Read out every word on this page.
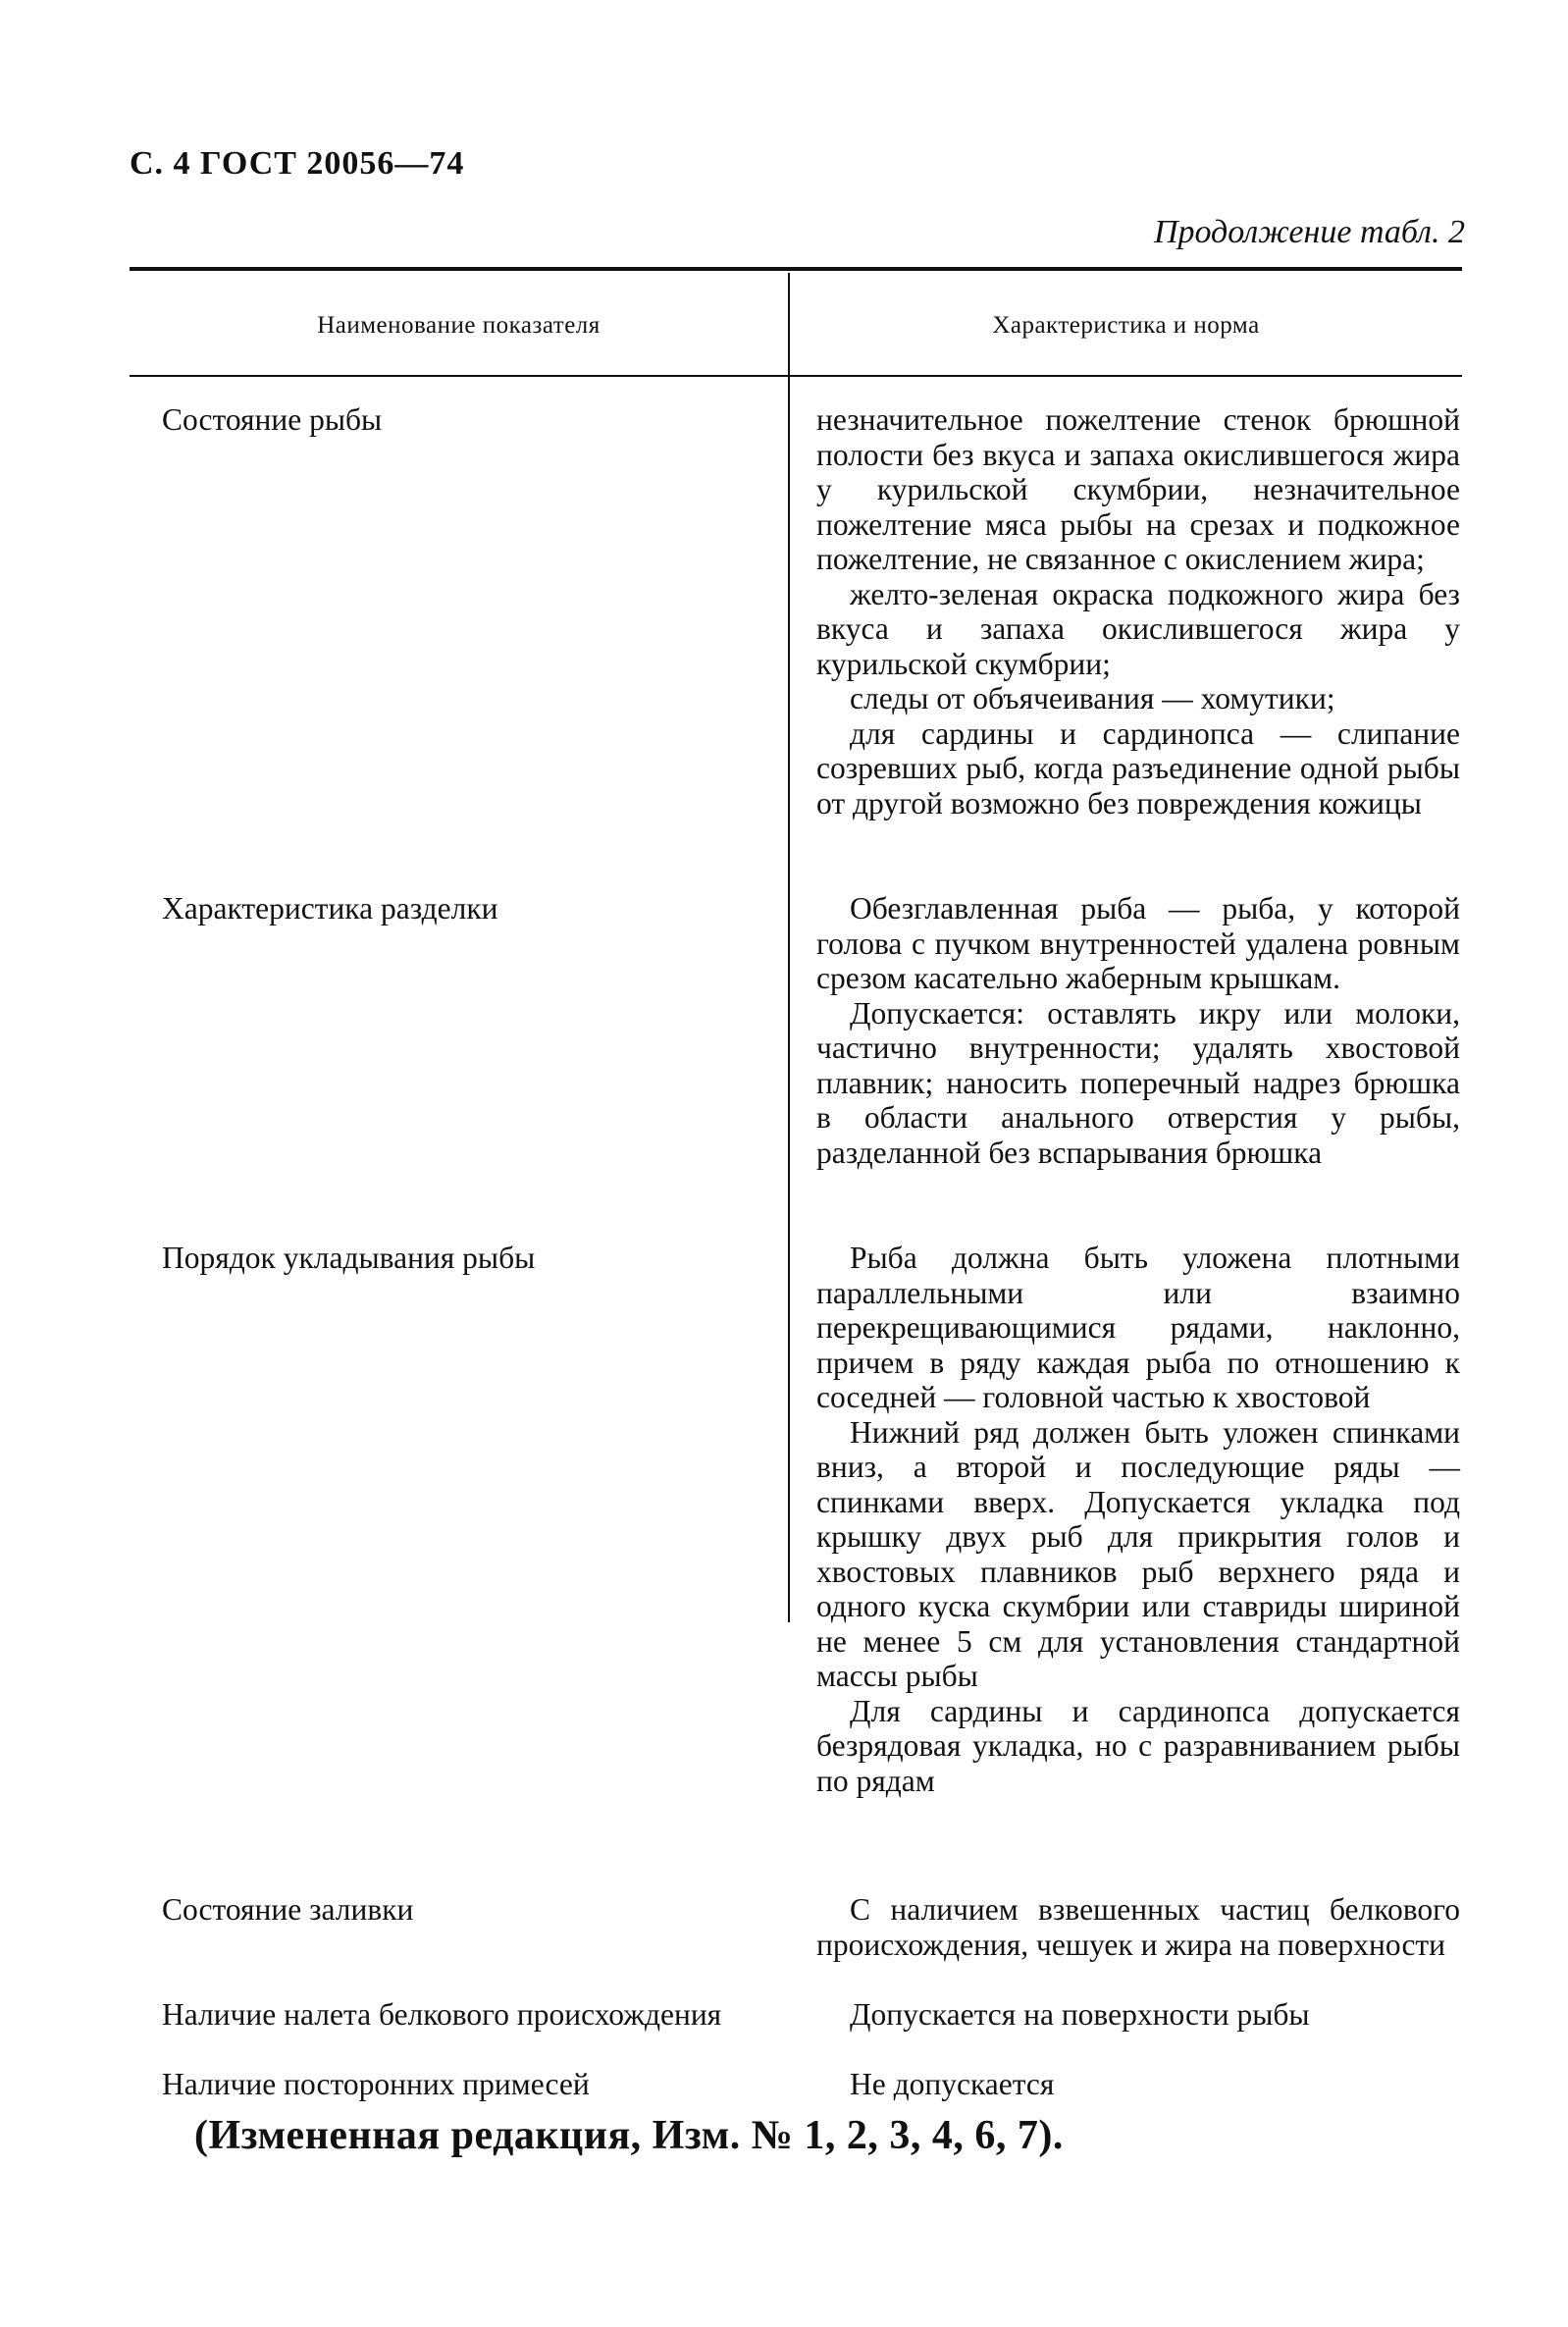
С. 4 ГОСТ 20056—74
Продолжение табл. 2
Наименование показателя	Характеристика и норма
Состояние рыбы	незначительное пожелтение стенок брюшной полости без вкуса и запаха окислившегося жира у курильской скумбрии, незначительное пожелтение мяса рыбы на срезах и подкожное пожелтение, не связанное с окислением жира;

желто-зеленая окраска подкожного жира без вкуса и запаха окислившегося жира у курильской скумбрии;

следы от объячеивания — хомутики;

для сардины и сардинопса — слипание созревших рыб, когда разъединение одной рыбы от другой возможно без повреждения кожицы

Характеристика разделки	Обезглавленная рыба — рыба, у которой голова с пучком внутренностей удалена ровным срезом касательно жаберным крышкам.

Допускается: оставлять икру или молоки, частично внутренности; удалять хвостовой плавник; наносить поперечный надрез брюшка в области анального отверстия у рыбы, разделанной без вспарывания брюшка

Порядок укладывания рыбы	Рыба должна быть уложена плотными параллельными или взаимно перекрещивающимися рядами, наклонно, причем в ряду каждая рыба по отношению к соседней — головной частью к хвостовой

Нижний ряд должен быть уложен спинками вниз, а второй и последующие ряды — спинками вверх. Допускается укладка под крышку двух рыб для прикрытия голов и хвостовых плавников рыб верхнего ряда и одного куска скумбрии или ставриды шириной не менее 5 см для установления стандартной массы рыбы

Для сардины и сардинопса допускается безрядовая укладка, но с разравниванием рыбы по рядам

Состояние заливки	С наличием взвешенных частиц белкового происхождения, чешуек и жира на поверхности

Наличие налета белкового происхождения	Допускается на поверхности рыбы

Наличие посторонних примесей	Не допускается

(Измененная редакция, Изм. № 1, 2, 3, 4, 6, 7).
